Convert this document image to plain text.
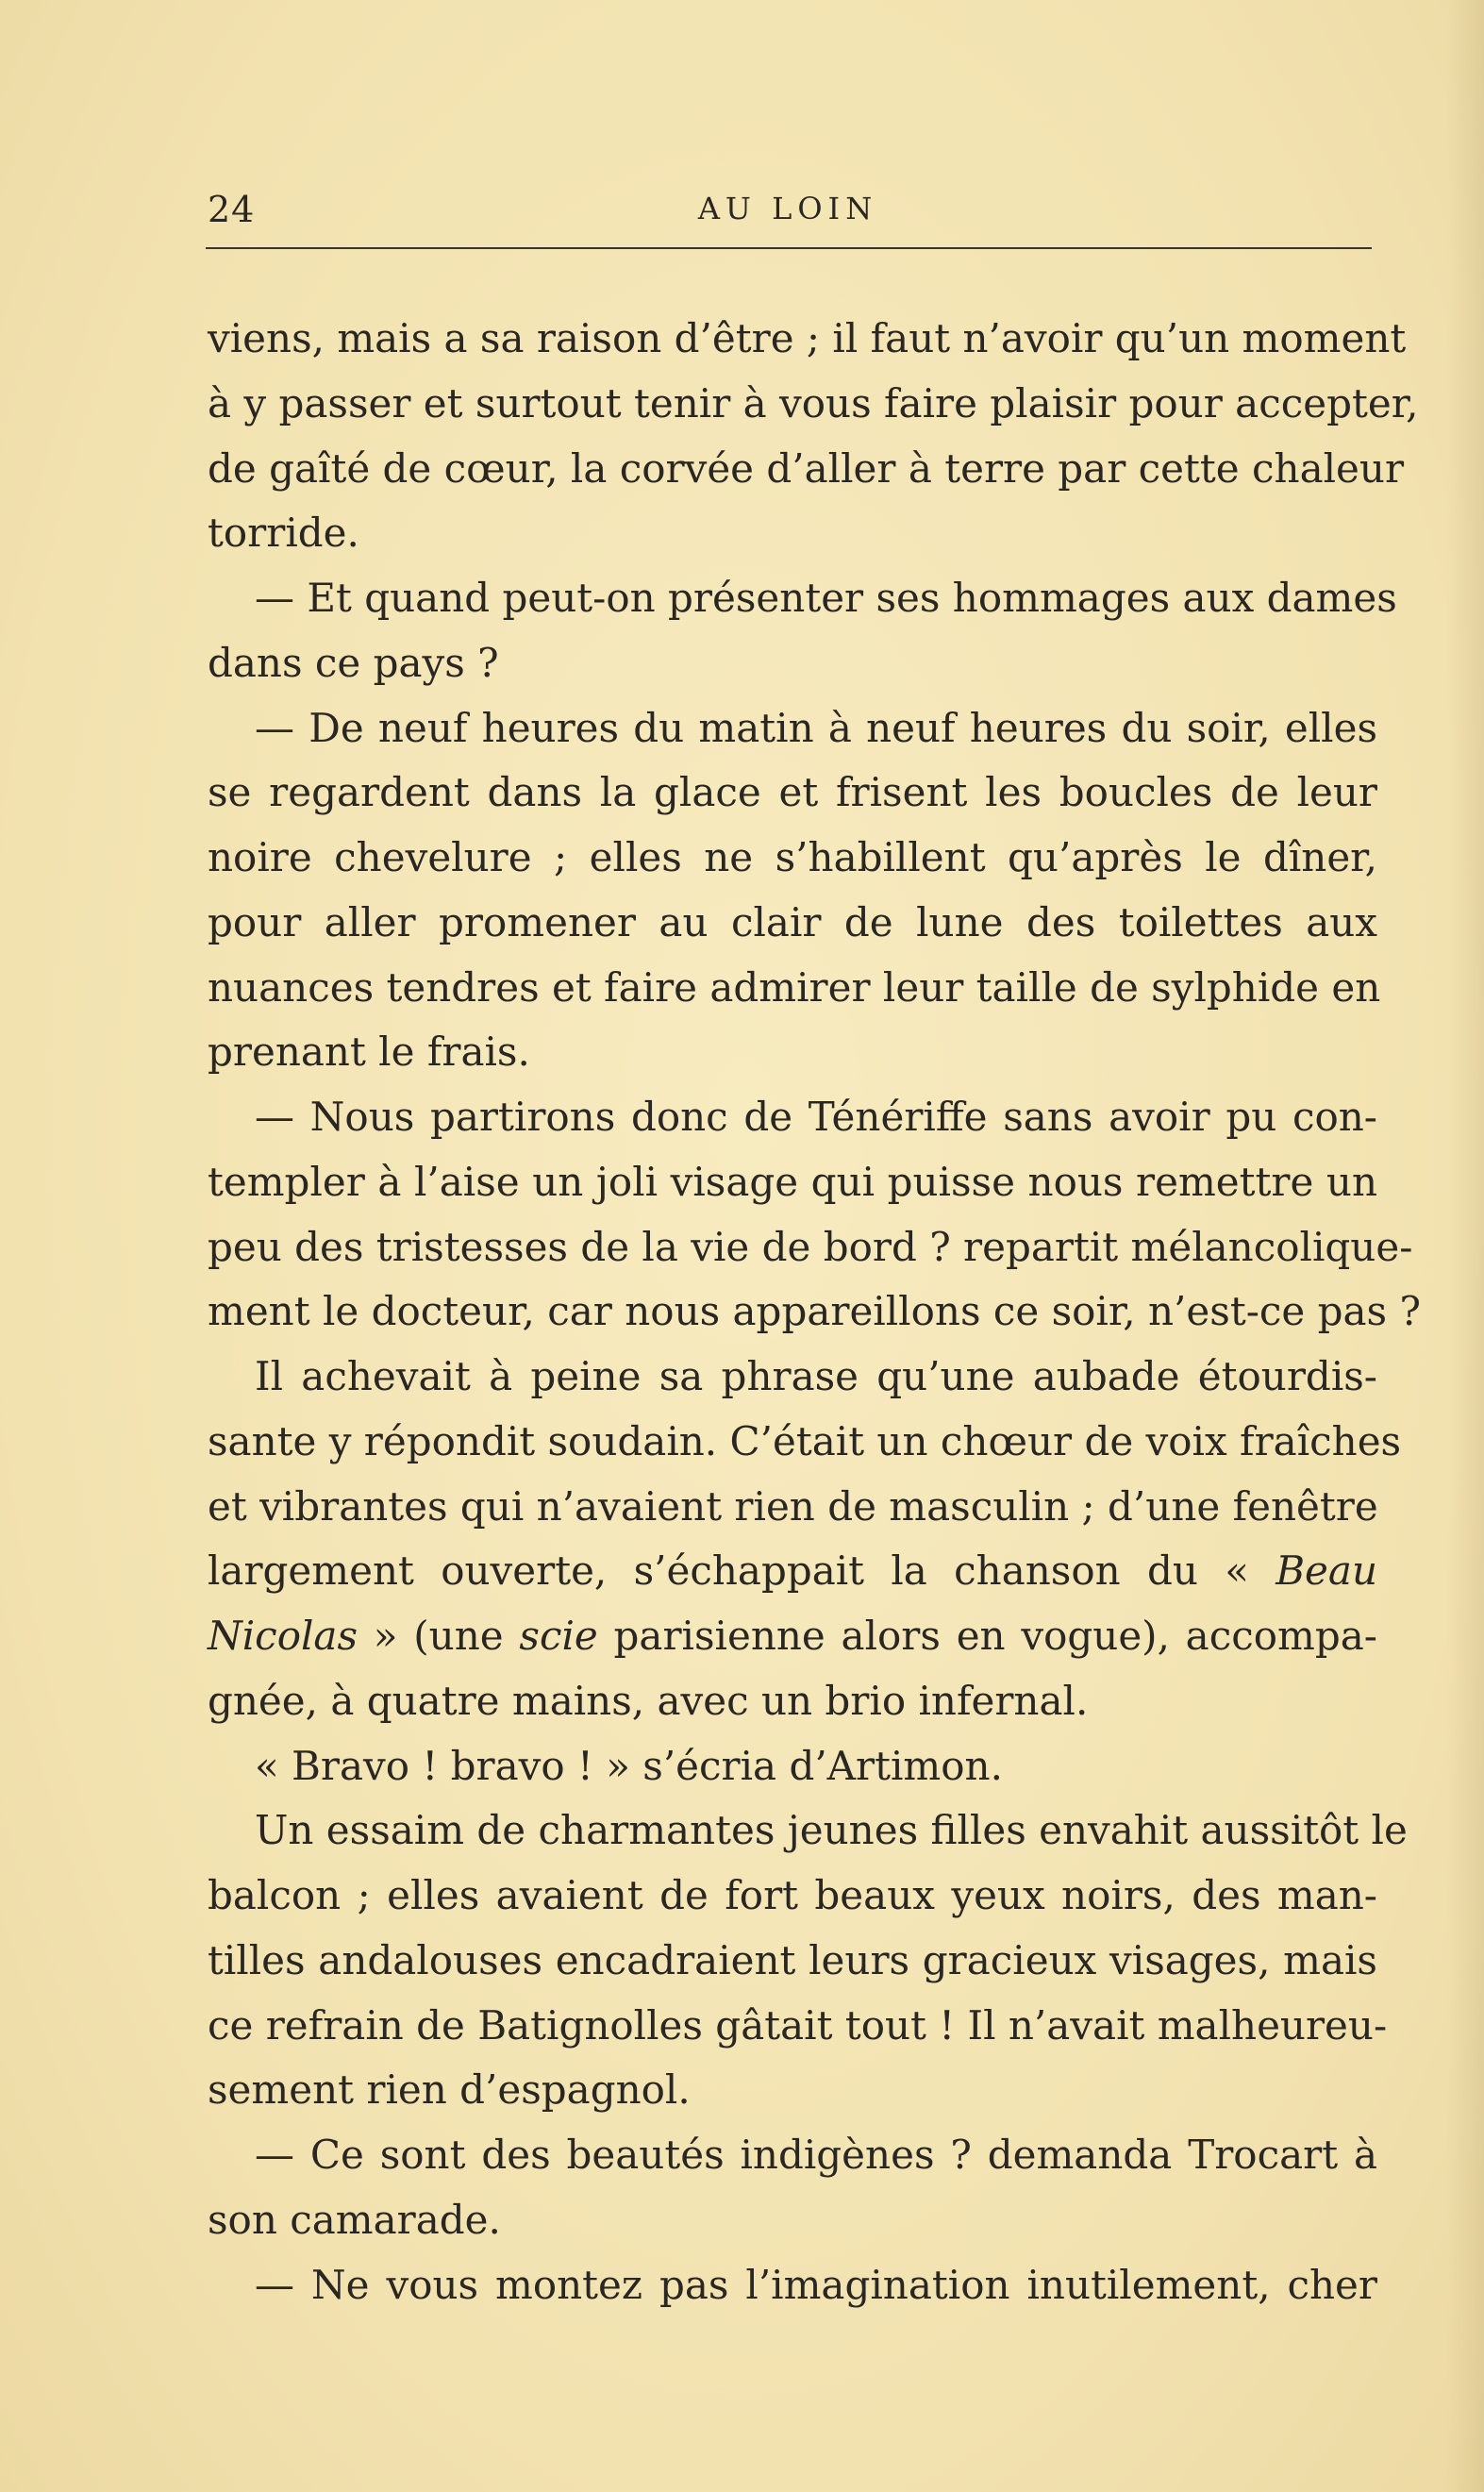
24	AU LOIN
viens, mais a sa raison d’être ; il faut n’avoir qu’un moment
à y passer et surtout tenir à vous faire plaisir pour accepter,
de gaîté de cœur, la corvée d’aller à terre par cette chaleur
torride.
— Et quand peut-on présenter ses hommages aux dames
dans ce pays ?
— De neuf heures du matin à neuf heures du soir, elles
se regardent dans la glace et frisent les boucles de leur
noire chevelure ; elles ne s’habillent qu’après le dîner,
pour aller promener au clair de lune des toilettes aux
nuances tendres et faire admirer leur taille de sylphide en
prenant le frais.
— Nous partirons donc de Ténériffe sans avoir pu con-
templer à l’aise un joli visage qui puisse nous remettre un
peu des tristesses de la vie de bord ? repartit mélancolique-
ment le docteur, car nous appareillons ce soir, n’est-ce pas ?
Il achevait à peine sa phrase qu’une aubade étourdis-
sante y répondit soudain. C’était un chœur de voix fraîches
et vibrantes qui n’avaient rien de masculin ; d’une fenêtre
largement ouverte, s’échappait la chanson du « Beau
Nicolas » (une scie parisienne alors en vogue), accompa-
gnée, à quatre mains, avec un brio infernal.
« Bravo ! bravo ! » s’écria d’Artimon.
Un essaim de charmantes jeunes filles envahit aussitôt le
balcon ; elles avaient de fort beaux yeux noirs, des man-
tilles andalouses encadraient leurs gracieux visages, mais
ce refrain de Batignolles gâtait tout ! Il n’avait malheureu-
sement rien d’espagnol.
— Ce sont des beautés indigènes ? demanda Trocart à
son camarade.
— Ne vous montez pas l’imagination inutilement, cher
